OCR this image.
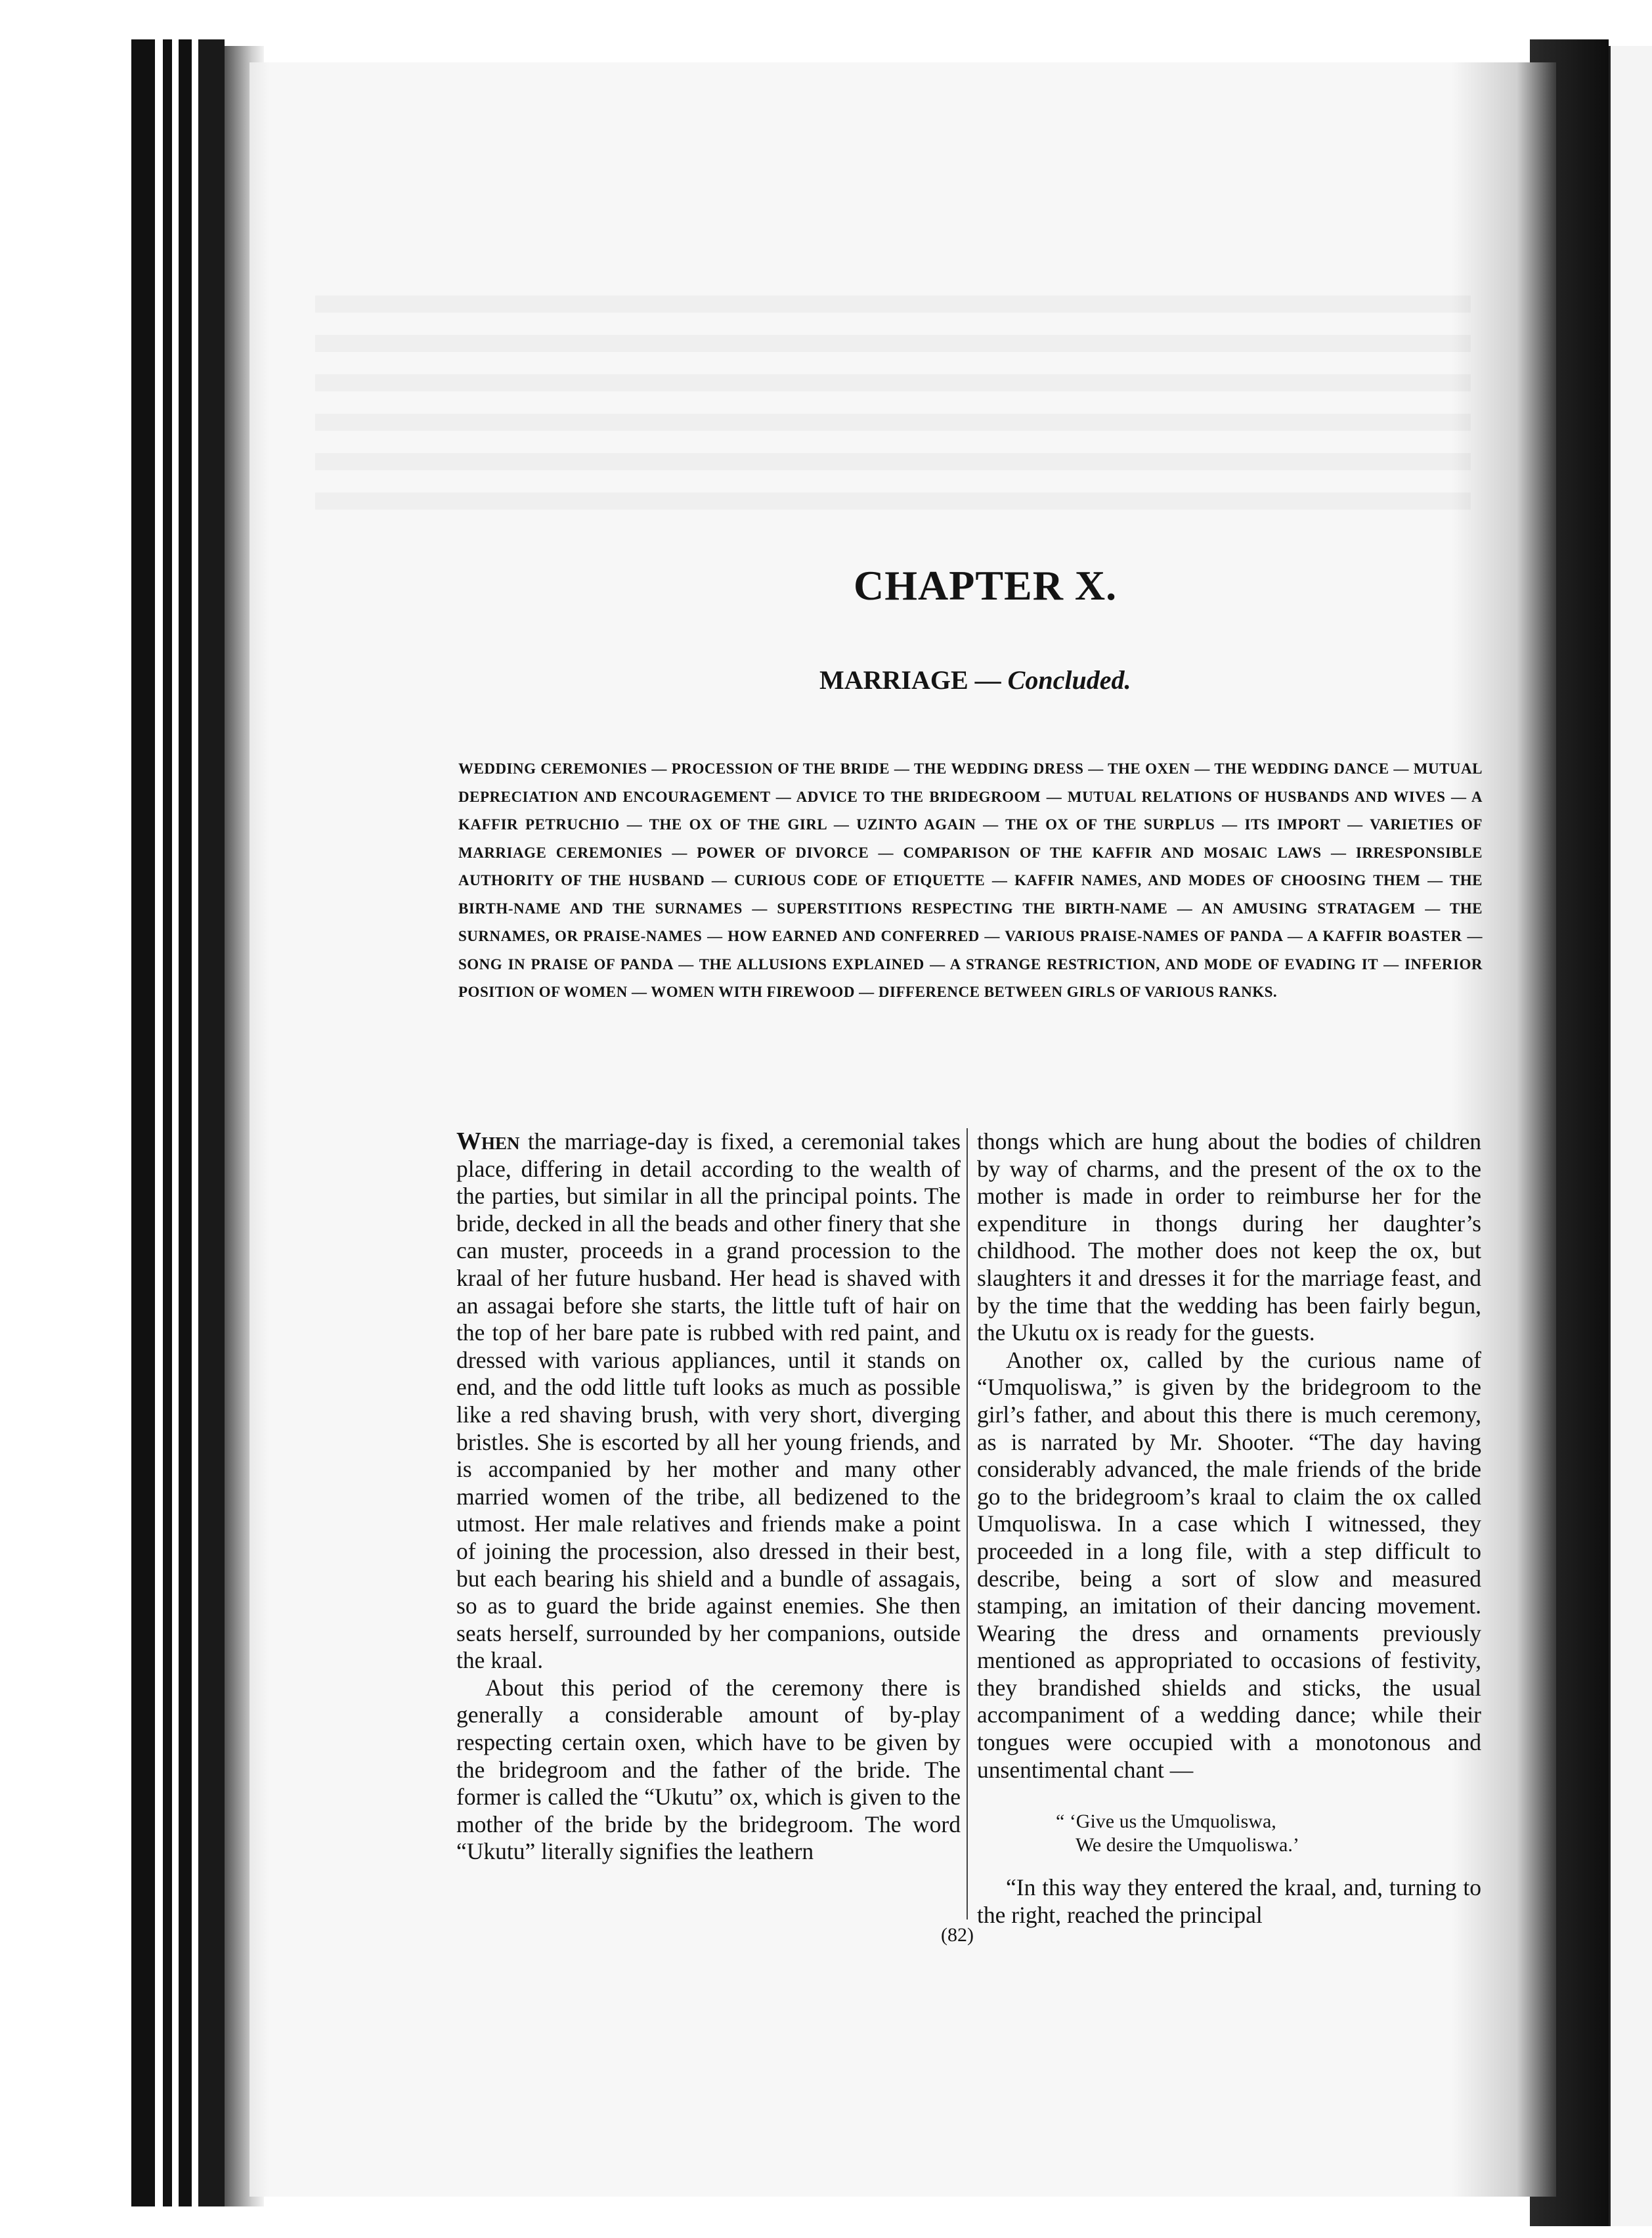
CHAPTER X.
MARRIAGE — Concluded.

WEDDING CEREMONIES — PROCESSION OF THE BRIDE — THE WEDDING DRESS — THE OXEN — THE WEDDING DANCE — MUTUAL DEPRECIATION AND ENCOURAGEMENT — ADVICE TO THE BRIDEGROOM — MUTUAL RELATIONS OF HUSBANDS AND WIVES — A KAFFIR PETRUCHIO — THE OX OF THE GIRL — UZINTO AGAIN — THE OX OF THE SURPLUS — ITS IMPORT — VARIETIES OF MARRIAGE CEREMONIES — POWER OF DIVORCE — COMPARISON OF THE KAFFIR AND MOSAIC LAWS — IRRESPONSIBLE AUTHORITY OF THE HUSBAND — CURIOUS CODE OF ETIQUETTE — KAFFIR NAMES, AND MODES OF CHOOSING THEM — THE BIRTH-NAME AND THE SURNAMES — SUPERSTITIONS RESPECTING THE BIRTH-NAME — AN AMUSING STRATAGEM — THE SURNAMES, OR PRAISE-NAMES — HOW EARNED AND CONFERRED — VARIOUS PRAISE-NAMES OF PANDA — A KAFFIR BOASTER — SONG IN PRAISE OF PANDA — THE ALLUSIONS EXPLAINED — A STRANGE RESTRICTION, AND MODE OF EVADING IT — INFERIOR POSITION OF WOMEN — WOMEN WITH FIREWOOD — DIFFERENCE BETWEEN GIRLS OF VARIOUS RANKS.

When the marriage-day is fixed, a ceremonial takes place, differing in detail according to the wealth of the parties, but similar in all the principal points. The bride, decked in all the beads and other finery that she can muster, proceeds in a grand procession to the kraal of her future husband. Her head is shaved with an assagai before she starts, the little tuft of hair on the top of her bare pate is rubbed with red paint, and dressed with various appliances, until it stands on end, and the odd little tuft looks as much as possible like a red shaving brush, with very short, diverging bristles. She is escorted by all her young friends, and is accompanied by her mother and many other married women of the tribe, all bedizened to the utmost. Her male relatives and friends make a point of joining the procession, also dressed in their best, but each bearing his shield and a bundle of assagais, so as to guard the bride against enemies. She then seats herself, surrounded by her companions, outside the kraal.

About this period of the ceremony there is generally a considerable amount of by-play respecting certain oxen, which have to be given by the bridegroom and the father of the bride. The former is called the “Ukutu” ox, which is given to the mother of the bride by the bridegroom. The word “Ukutu” literally signifies the leathern

thongs which are hung about the bodies of children by way of charms, and the present of the ox to the mother is made in order to reimburse her for the expenditure in thongs during her daughter’s childhood. The mother does not keep the ox, but slaughters it and dresses it for the marriage feast, and by the time that the wedding has been fairly begun, the Ukutu ox is ready for the guests.

Another ox, called by the curious name of “Umquoliswa,” is given by the bridegroom to the girl’s father, and about this there is much ceremony, as is narrated by Mr. Shooter. “The day having considerably advanced, the male friends of the bride go to the bridegroom’s kraal to claim the ox called Umquoliswa. In a case which I witnessed, they proceeded in a long file, with a step difficult to describe, being a sort of slow and measured stamping, an imitation of their dancing movement. Wearing the dress and ornaments previously mentioned as appropriated to occasions of festivity, they brandished shields and sticks, the usual accompaniment of a wedding dance; while their tongues were occupied with a monotonous and unsentimental chant —

“ ‘Give us the Umquoliswa,
We desire the Umquoliswa.’

“In this way they entered the kraal, and, turning to the right, reached the principal

(82)
